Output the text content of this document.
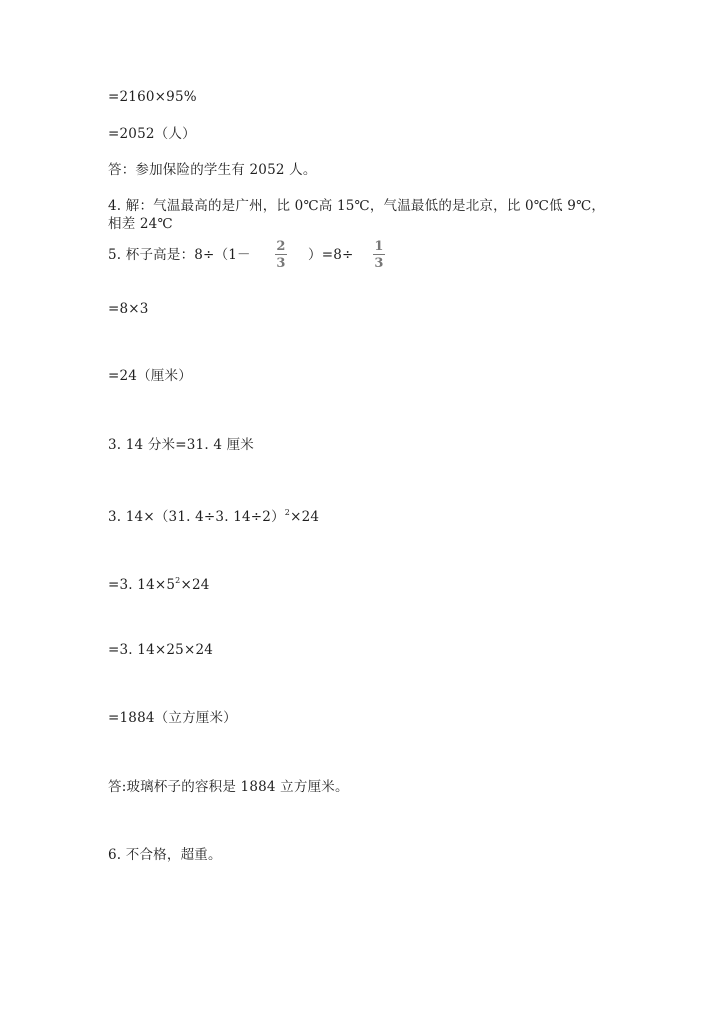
=2160×95%
=2052（人）
答：参加保险的学生有 2052 人。
4. 解：气温最高的是广州，比 0℃高 15℃，气温最低的是北京，比 0℃低 9℃，相差 24℃
5. 杯子高是：8÷（1－
2
3
）=8÷
1
3
=8×3
=24（厘米）
3. 14 分米=31. 4 厘米
3. 14×（31. 4÷3. 14÷2）$^2$×24
=3. $14\times 5^2\times 24$
=3. 14×25×24
=1884（立方厘米）
答:玻璃杯子的容积是 1884 立方厘米。
6. 不合格，超重。
